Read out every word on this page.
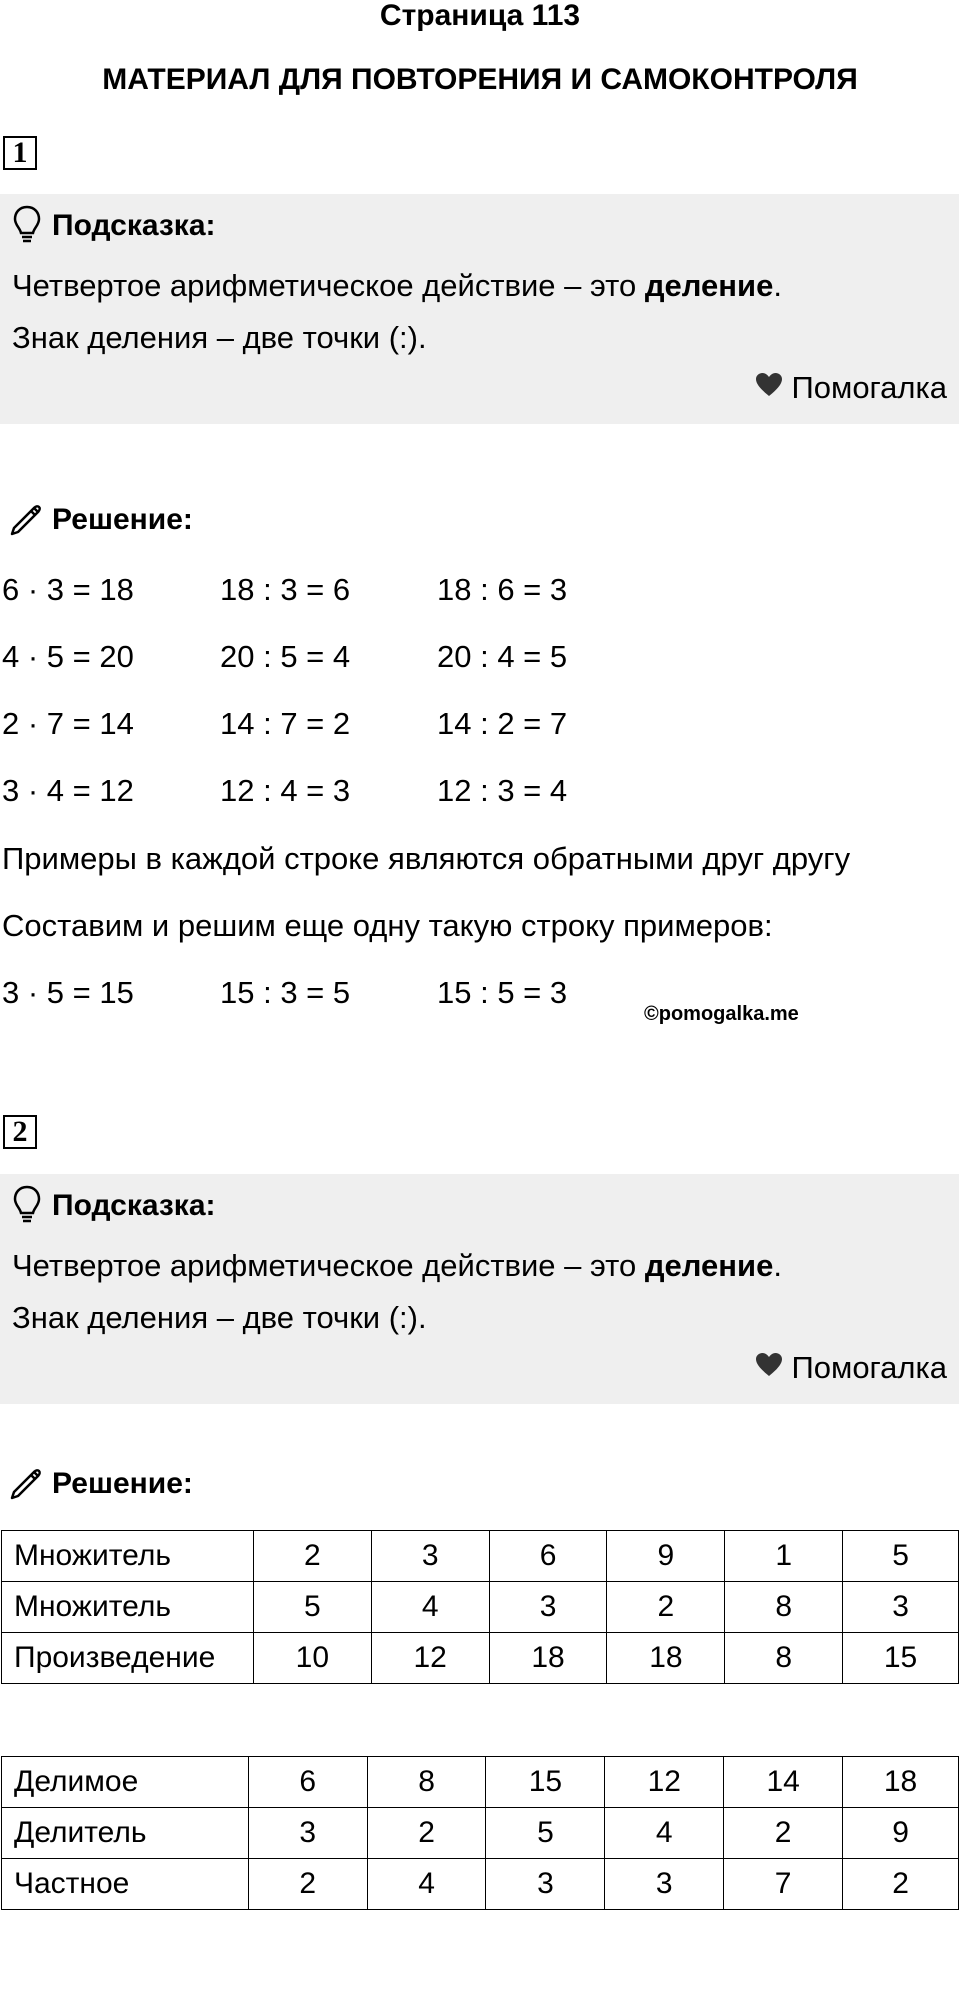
Страница 113
МАТЕРИАЛ ДЛЯ ПОВТОРЕНИЯ И САМОКОНТРОЛЯ
1
Подсказка:
Четвертое арифметическое действие – это деление.
Знак деления – две точки (:).
Помогалка
Решение:
6 · 3 = 18	18 : 3 = 6	18 : 6 = 3
4 · 5 = 20	20 : 5 = 4	20 : 4 = 5
2 · 7 = 14	14 : 7 = 2	14 : 2 = 7
3 · 4 = 12	12 : 4 = 3	12 : 3 = 4
Примеры в каждой строке являются обратными друг другу
Составим и решим еще одну такую строку примеров:
3 · 5 = 15	15 : 3 = 5	15 : 5 = 3
©pomogalka.me
2
Подсказка:
Четвертое арифметическое действие – это деление.
Знак деления – две точки (:).
Помогалка
Решение:
Множитель	2	3	6	9	1	5
Множитель	5	4	3	2	8	3
Произведение	10	12	18	18	8	15
Делимое	6	8	15	12	14	18
Делитель	3	2	5	4	2	9
Частное	2	4	3	3	7	2
